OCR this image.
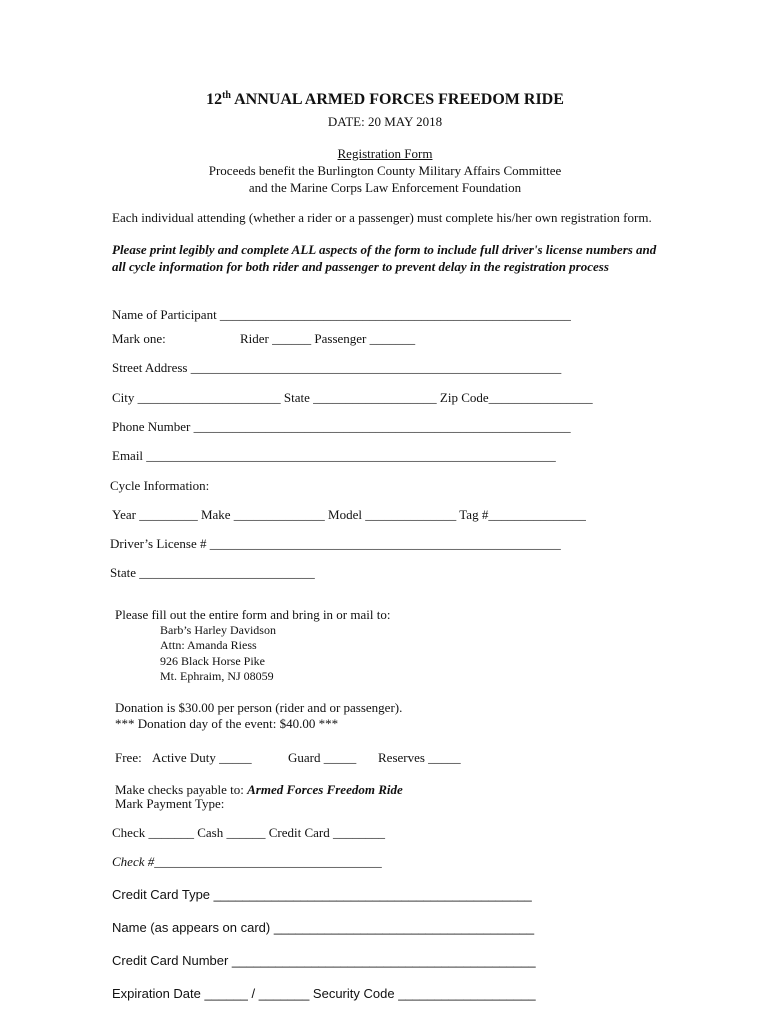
12th ANNUAL ARMED FORCES FREEDOM RIDE
DATE: 20 MAY 2018
Registration Form
Proceeds benefit the Burlington County Military Affairs Committee
and the Marine Corps Law Enforcement Foundation
Each individual attending (whether a rider or a passenger) must complete his/her own registration form.
Please print legibly and complete ALL aspects of the form to include full driver's license numbers and all cycle information for both rider and passenger to prevent delay in the registration process
Name of Participant ______________________________________________________
Mark one:	Rider ______ Passenger _______
Street Address _________________________________________________________
City ______________________ State ___________________ Zip Code________________
Phone Number __________________________________________________________
Email _______________________________________________________________
Cycle Information:
Year _________ Make ______________ Model ______________ Tag #_______________
Driver’s License # ______________________________________________________
State ___________________________
Please fill out the entire form and bring in or mail to:
Barb’s Harley Davidson
Attn: Amanda Riess
926 Black Horse Pike
Mt. Ephraim, NJ 08059
Donation is $30.00 per person (rider and or passenger).
*** Donation day of the event: $40.00 ***
Free: Active Duty _____	Guard _____ Reserves _____
Make checks payable to: Armed Forces Freedom Ride
Mark Payment Type:
Check _______ Cash ______ Credit Card ________
Check #___________________________________
Credit Card Type ____________________________________________
Name (as appears on card) ____________________________________
Credit Card Number __________________________________________
Expiration Date ______ / _______ Security Code ___________________
